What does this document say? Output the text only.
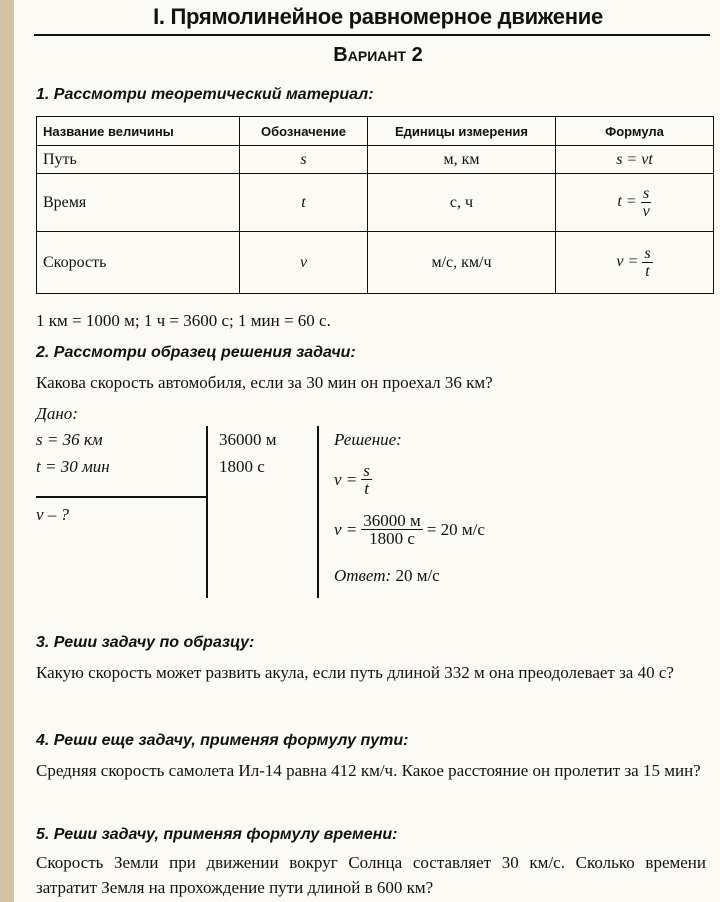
I. Прямолинейное равномерное движение
Вариант 2
1. Рассмотри теоретический материал:
Название величины	Обозначение	Единицы измерения	Формула
Путь	s	м, км	s = vt
Время	t	с, ч	$t = \frac{s}{v}$

Скорость	v	м/с, км/ч	$v = \frac{s}{t}$
1 км = 1000 м; 1 ч = 3600 с; 1 мин = 60 с.
2. Рассмотри образец решения задачи:
Какова скорость автомобиля, если за 30 мин он проехал 36 км?
Дано:
s = 36 км
t = 30 мин
v – ?
36000 м
1800 с
Решение:
$v = \frac{s}{t}$
$v = \frac{36000 м}{1800 с} = 20$ м/с
Ответ: 20 м/с
3. Реши задачу по образцу:
Какую скорость может развить акула, если путь длиной 332 м она преодолевает за 40 с?
4. Реши еще задачу, применяя формулу пути:
Средняя скорость самолета Ил-14 равна 412 км/ч. Какое расстояние он пролетит за 15 мин?
5. Реши задачу, применяя формулу времени:
Скорость Земли при движении вокруг Солнца составляет 30 км/с. Сколько времени затратит Земля на прохождение пути длиной в 600 км?
